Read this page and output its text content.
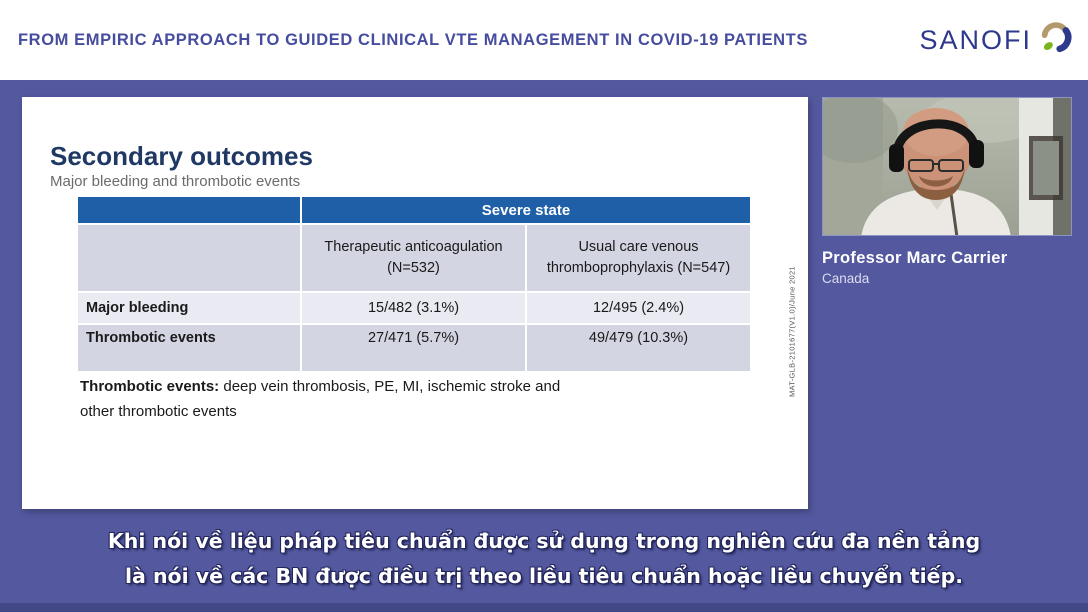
FROM EMPIRIC APPROACH TO GUIDED CLINICAL VTE MANAGEMENT IN COVID-19 PATIENTS	SANOFI
Secondary outcomes
Major bleeding and thrombotic events
Severe state
Therapeutic anticoagulation (N=532)
Usual care venous thromboprophylaxis (N=547)
Major bleeding	15/482 (3.1%)	12/495 (2.4%)
Thrombotic events	27/471 (5.7%)	49/479 (10.3%)
Thrombotic events: deep vein thrombosis, PE, MI, ischemic stroke and other thrombotic events
MAT-GLB-2101677(V1.0)/June 2021
Professor Marc Carrier
Canada
Khi nói về liệu pháp tiêu chuẩn được sử dụng trong nghiên cứu đa nền tảng
là nói về các BN được điều trị theo liều tiêu chuẩn hoặc liều chuyển tiếp.
